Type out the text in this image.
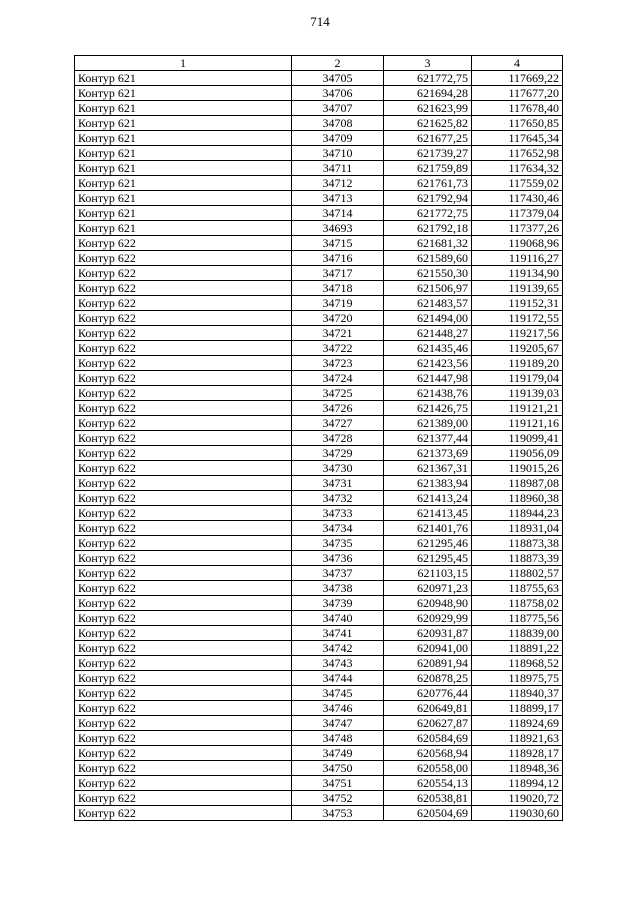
714
1	2	3	4
Контур 621	34705	621772,75	117669,22
Контур 621	34706	621694,28	117677,20
Контур 621	34707	621623,99	117678,40
Контур 621	34708	621625,82	117650,85
Контур 621	34709	621677,25	117645,34
Контур 621	34710	621739,27	117652,98
Контур 621	34711	621759,89	117634,32
Контур 621	34712	621761,73	117559,02
Контур 621	34713	621792,94	117430,46
Контур 621	34714	621772,75	117379,04
Контур 621	34693	621792,18	117377,26
Контур 622	34715	621681,32	119068,96
Контур 622	34716	621589,60	119116,27
Контур 622	34717	621550,30	119134,90
Контур 622	34718	621506,97	119139,65
Контур 622	34719	621483,57	119152,31
Контур 622	34720	621494,00	119172,55
Контур 622	34721	621448,27	119217,56
Контур 622	34722	621435,46	119205,67
Контур 622	34723	621423,56	119189,20
Контур 622	34724	621447,98	119179,04
Контур 622	34725	621438,76	119139,03
Контур 622	34726	621426,75	119121,21
Контур 622	34727	621389,00	119121,16
Контур 622	34728	621377,44	119099,41
Контур 622	34729	621373,69	119056,09
Контур 622	34730	621367,31	119015,26
Контур 622	34731	621383,94	118987,08
Контур 622	34732	621413,24	118960,38
Контур 622	34733	621413,45	118944,23
Контур 622	34734	621401,76	118931,04
Контур 622	34735	621295,46	118873,38
Контур 622	34736	621295,45	118873,39
Контур 622	34737	621103,15	118802,57
Контур 622	34738	620971,23	118755,63
Контур 622	34739	620948,90	118758,02
Контур 622	34740	620929,99	118775,56
Контур 622	34741	620931,87	118839,00
Контур 622	34742	620941,00	118891,22
Контур 622	34743	620891,94	118968,52
Контур 622	34744	620878,25	118975,75
Контур 622	34745	620776,44	118940,37
Контур 622	34746	620649,81	118899,17
Контур 622	34747	620627,87	118924,69
Контур 622	34748	620584,69	118921,63
Контур 622	34749	620568,94	118928,17
Контур 622	34750	620558,00	118948,36
Контур 622	34751	620554,13	118994,12
Контур 622	34752	620538,81	119020,72
Контур 622	34753	620504,69	119030,60
